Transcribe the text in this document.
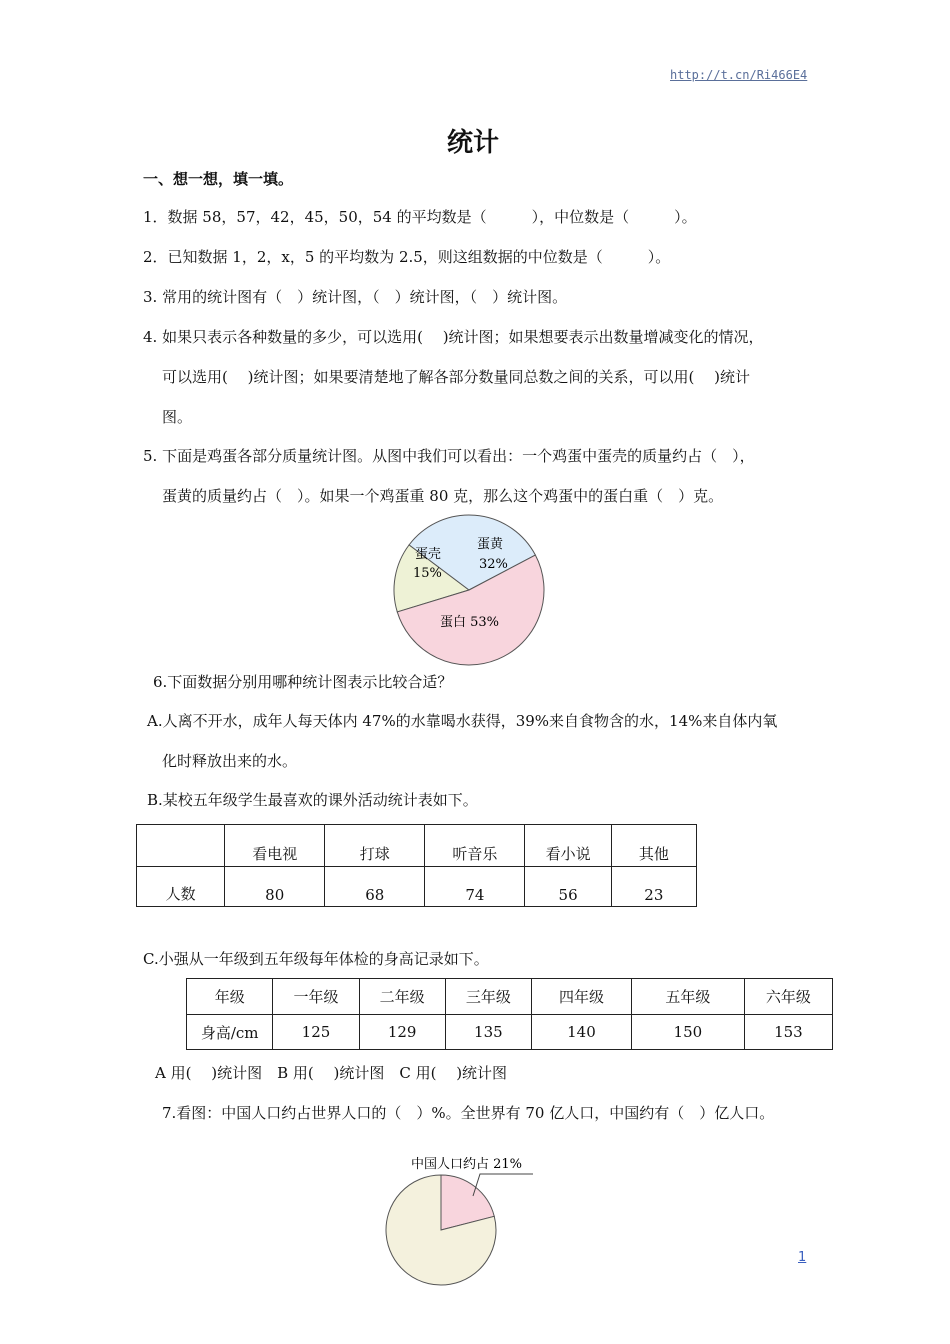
http://t.cn/Ri466E4
统计
一、想一想，填一填。
1．数据 58，57，42，45，50，54 的平均数是（　　　），中位数是（　　　）。
2．已知数据 1，2，x，5 的平均数为 2.5，则这组数据的中位数是（　　　）。
3. 常用的统计图有（　）统计图，（　）统计图，（　）统计图。
4. 如果只表示各种数量的多少，可以选用(　 )统计图；如果想要表示出数量增减变化的情况，
可以选用(　 )统计图；如果要清楚地了解各部分数量同总数之间的关系，可以用(　 )统计
图。
5. 下面是鸡蛋各部分质量统计图。从图中我们可以看出：一个鸡蛋中蛋壳的质量约占（　），
蛋黄的质量约占（　）。如果一个鸡蛋重 80 克，那么这个鸡蛋中的蛋白重（　）克。
蛋壳
15%
蛋黄
32%
蛋白 53%
6.下面数据分别用哪种统计图表示比较合适？
A.人离不开水，成年人每天体内 47%的水靠喝水获得，39%来自食物含的水，14%来自体内氧
化时释放出来的水。
B.某校五年级学生最喜欢的课外活动统计表如下。
	看电视	打球	听音乐	看小说	其他
人数	80	68	74	56	23
C.小强从一年级到五年级每年体检的身高记录如下。
年级	一年级	二年级	三年级	四年级	五年级	六年级
身高/cm	125	129	135	140	150	153
A 用(　 )统计图　B 用(　 )统计图　C 用(　 )统计图
7.看图：中国人口约占世界人口的（　）%。全世界有 70 亿人口，中国约有（　）亿人口。
中国人口约占 21%
1
